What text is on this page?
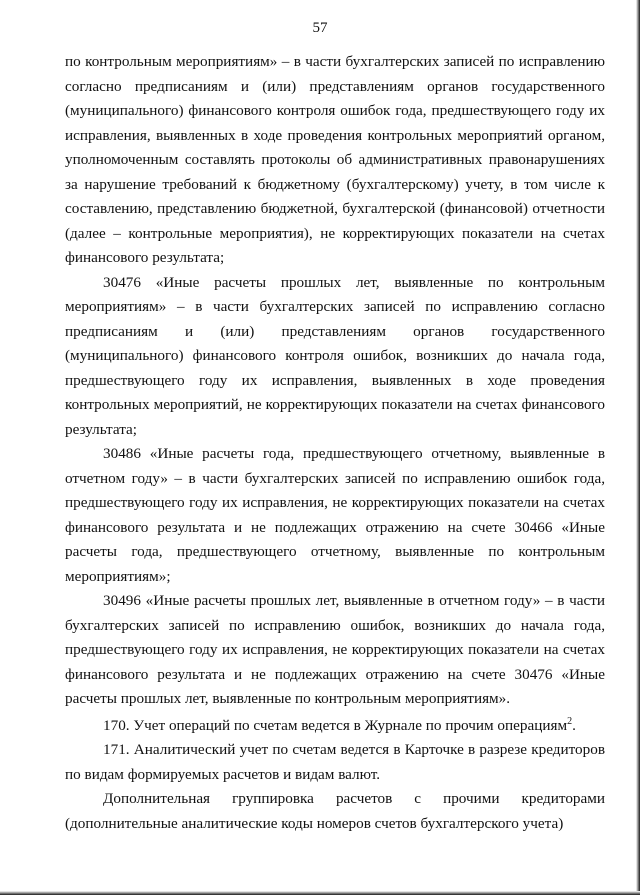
57

по контрольным мероприятиям» – в части бухгалтерских записей по исправлению согласно предписаниям и (или) представлениям органов государственного (муниципального) финансового контроля ошибок года, предшествующего году их исправления, выявленных в ходе проведения контрольных мероприятий органом, уполномоченным составлять протоколы об административных правонарушениях за нарушение требований к бюджетному (бухгалтерскому) учету, в том числе к составлению, представлению бюджетной, бухгалтерской (финансовой) отчетности (далее – контрольные мероприятия), не корректирующих показатели на счетах финансового результата;

30476 «Иные расчеты прошлых лет, выявленные по контрольным мероприятиям» – в части бухгалтерских записей по исправлению согласно предписаниям и (или) представлениям органов государственного (муниципального) финансового контроля ошибок, возникших до начала года, предшествующего году их исправления, выявленных в ходе проведения контрольных мероприятий, не корректирующих показатели на счетах финансового результата;

30486 «Иные расчеты года, предшествующего отчетному, выявленные в отчетном году» – в части бухгалтерских записей по исправлению ошибок года, предшествующего году их исправления, не корректирующих показатели на счетах финансового результата и не подлежащих отражению на счете 30466 «Иные расчеты года, предшествующего отчетному, выявленные по контрольным мероприятиям»;

30496 «Иные расчеты прошлых лет, выявленные в отчетном году» – в части бухгалтерских записей по исправлению ошибок, возникших до начала года, предшествующего году их исправления, не корректирующих показатели на счетах финансового результата и не подлежащих отражению на счете 30476 «Иные расчеты прошлых лет, выявленные по контрольным мероприятиям».

170. Учет операций по счетам ведется в Журнале по прочим операциям$^2$.

171. Аналитический учет по счетам ведется в Карточке в разрезе кредиторов по видам формируемых расчетов и видам валют.

Дополнительная группировка расчетов с прочими кредиторами (дополнительные аналитические коды номеров счетов бухгалтерского учета)
